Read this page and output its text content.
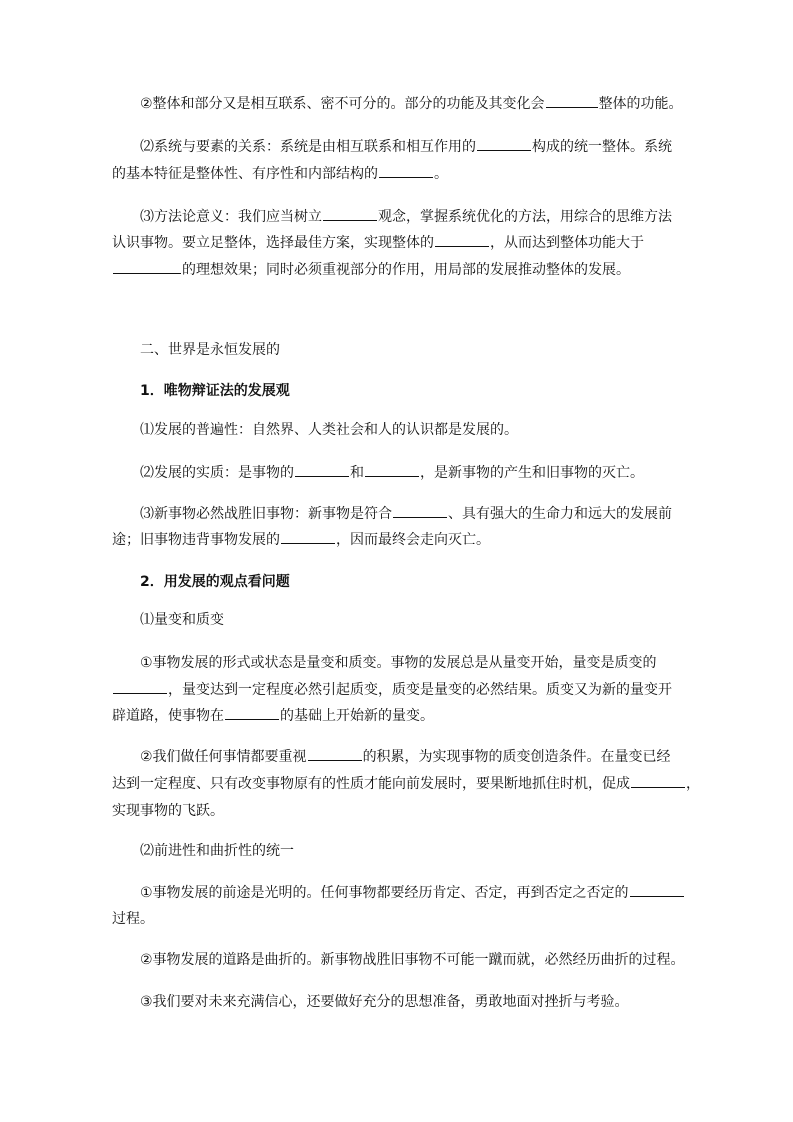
②整体和部分又是相互联系、密不可分的。部分的功能及其变化会	整体的功能。

⑵系统与要素的关系：系统是由相互联系和相互作用的	构成的统一整体。系统

的基本特征是整体性、有序性和内部结构的	。

⑶方法论意义：我们应当树立	观念，掌握系统优化的方法，用综合的思维方法

认识事物。要立足整体，选择最佳方案，实现整体的	，从而达到整体功能大于

的理想效果；同时必须重视部分的作用，用局部的发展推动整体的发展。

二、世界是永恒发展的

1．唯物辩证法的发展观

⑴发展的普遍性：自然界、人类社会和人的认识都是发展的。

⑵发展的实质：是事物的	和	，是新事物的产生和旧事物的灭亡。

⑶新事物必然战胜旧事物：新事物是符合	、具有强大的生命力和远大的发展前

途；旧事物违背事物发展的	，因而最终会走向灭亡。

2．用发展的观点看问题

⑴量变和质变

①事物发展的形式或状态是量变和质变。事物的发展总是从量变开始，量变是质变的

，量变达到一定程度必然引起质变，质变是量变的必然结果。质变又为新的量变开

辟道路，使事物在	的基础上开始新的量变。

②我们做任何事情都要重视	的积累，为实现事物的质变创造条件。在量变已经

达到一定程度、只有改变事物原有的性质才能向前发展时，要果断地抓住时机，促成	，

实现事物的飞跃。

⑵前进性和曲折性的统一

①事物发展的前途是光明的。任何事物都要经历肯定、否定，再到否定之否定的

过程。

②事物发展的道路是曲折的。新事物战胜旧事物不可能一蹴而就，必然经历曲折的过程。

③我们要对未来充满信心，还要做好充分的思想准备，勇敢地面对挫折与考验。
